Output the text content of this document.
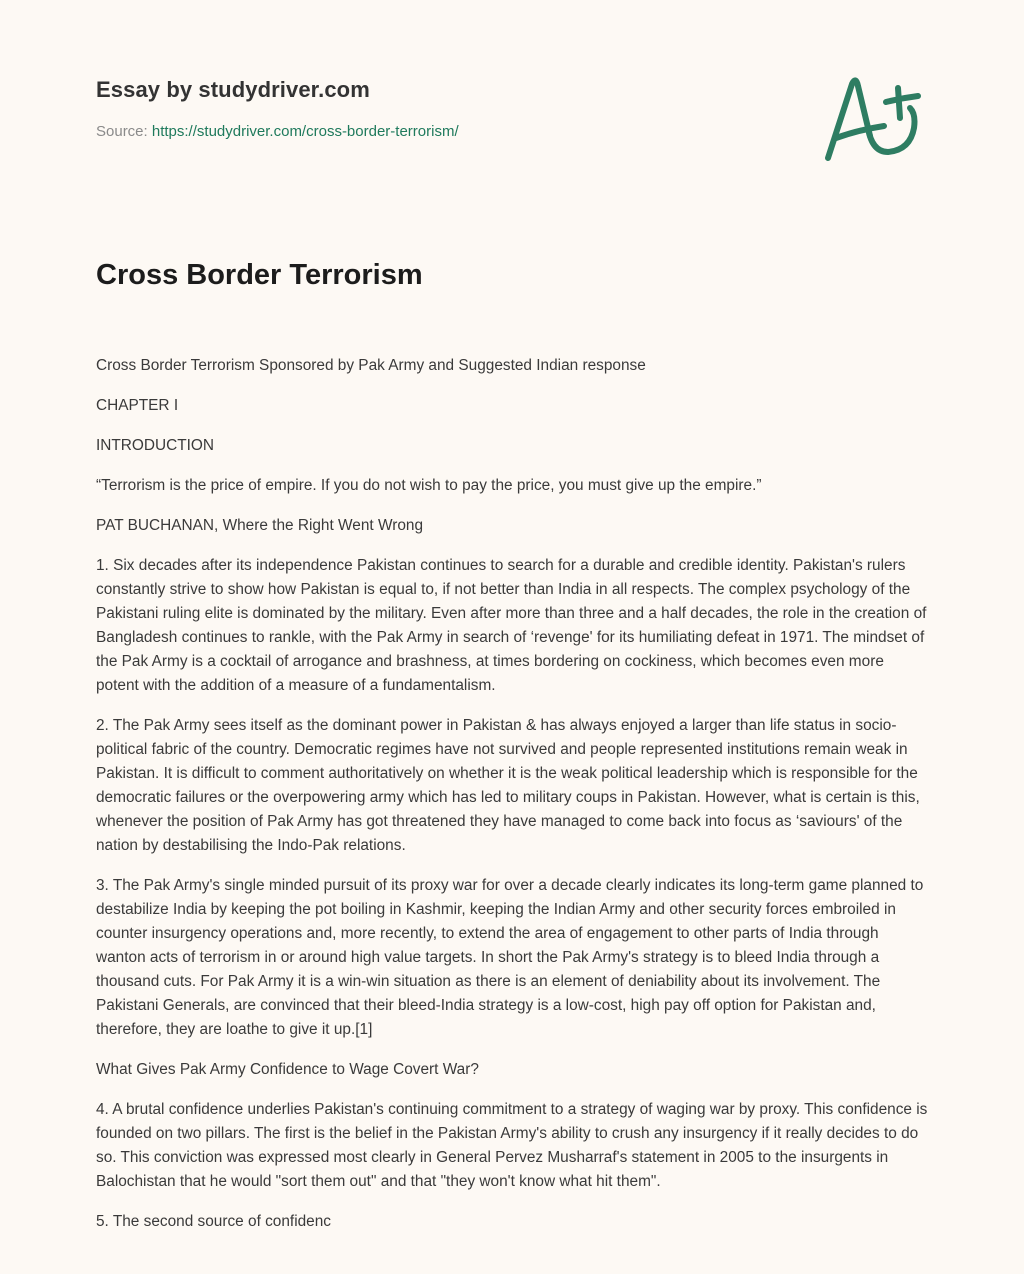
Essay by studydriver.com
Source: https://studydriver.com/cross-border-terrorism/
Cross Border Terrorism

Cross Border Terrorism Sponsored by Pak Army and Suggested Indian response

CHAPTER I

INTRODUCTION

“Terrorism is the price of empire. If you do not wish to pay the price, you must give up the empire.”

PAT BUCHANAN, Where the Right Went Wrong

1. Six decades after its independence Pakistan continues to search for a durable and credible identity. Pakistan's rulers constantly strive to show how Pakistan is equal to, if not better than India in all respects. The complex psychology of the Pakistani ruling elite is dominated by the military. Even after more than three and a half decades, the role in the creation of Bangladesh continues to rankle, with the Pak Army in search of ‘revenge' for its humiliating defeat in 1971. The mindset of the Pak Army is a cocktail of arrogance and brashness, at times bordering on cockiness, which becomes even more potent with the addition of a measure of a fundamentalism.

2. The Pak Army sees itself as the dominant power in Pakistan & has always enjoyed a larger than life status in socio-political fabric of the country. Democratic regimes have not survived and people represented institutions remain weak in Pakistan. It is difficult to comment authoritatively on whether it is the weak political leadership which is responsible for the democratic failures or the overpowering army which has led to military coups in Pakistan. However, what is certain is this, whenever the position of Pak Army has got threatened they have managed to come back into focus as ‘saviours' of the nation by destabilising the Indo-Pak relations.

3. The Pak Army's single minded pursuit of its proxy war for over a decade clearly indicates its long-term game planned to destabilize India by keeping the pot boiling in Kashmir, keeping the Indian Army and other security forces embroiled in counter insurgency operations and, more recently, to extend the area of engagement to other parts of India through wanton acts of terrorism in or around high value targets. In short the Pak Army's strategy is to bleed India through a thousand cuts. For Pak Army it is a win-win situation as there is an element of deniability about its involvement. The Pakistani Generals, are convinced that their bleed-India strategy is a low-cost, high pay off option for Pakistan and, therefore, they are loathe to give it up.[1]

What Gives Pak Army Confidence to Wage Covert War?

4. A brutal confidence underlies Pakistan's continuing commitment to a strategy of waging war by proxy. This confidence is founded on two pillars. The first is the belief in the Pakistan Army's ability to crush any insurgency if it really decides to do so. This conviction was expressed most clearly in General Pervez Musharraf's statement in 2005 to the insurgents in Balochistan that he would "sort them out" and that "they won't know what hit them".

5. The second source of confidenc
